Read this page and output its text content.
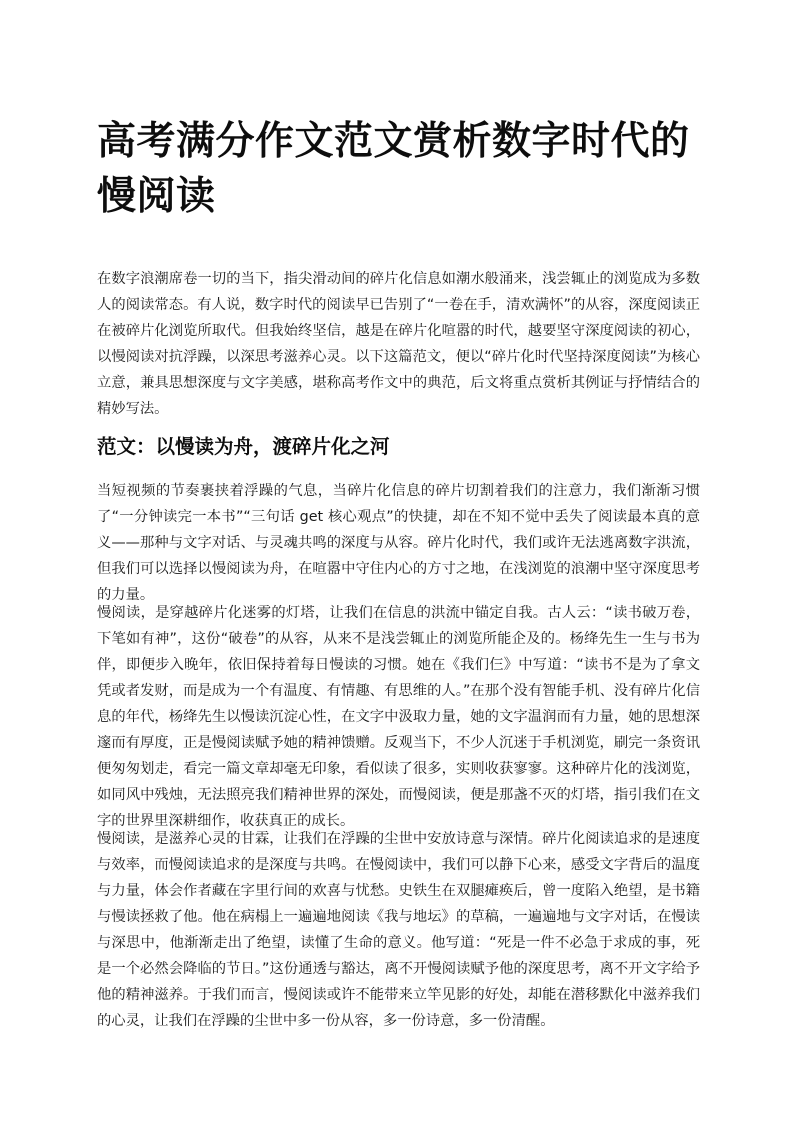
高考满分作文范文赏析数字时代的慢阅读

在数字浪潮席卷一切的当下，指尖滑动间的碎片化信息如潮水般涌来，浅尝辄止的浏览成为多数人的阅读常态。有人说，数字时代的阅读早已告别了“一卷在手，清欢满怀”的从容，深度阅读正在被碎片化浏览所取代。但我始终坚信，越是在碎片化喧嚣的时代，越要坚守深度阅读的初心，以慢阅读对抗浮躁，以深思考滋养心灵。以下这篇范文，便以“碎片化时代坚持深度阅读”为核心立意，兼具思想深度与文字美感，堪称高考作文中的典范，后文将重点赏析其例证与抒情结合的精妙写法。

范文：以慢读为舟，渡碎片化之河

当短视频的节奏裹挟着浮躁的气息，当碎片化信息的碎片切割着我们的注意力，我们渐渐习惯了“一分钟读完一本书”“三句话 get 核心观点”的快捷，却在不知不觉中丢失了阅读最本真的意义——那种与文字对话、与灵魂共鸣的深度与从容。碎片化时代，我们或许无法逃离数字洪流，但我们可以选择以慢阅读为舟，在喧嚣中守住内心的方寸之地，在浅浏览的浪潮中坚守深度思考的力量。

慢阅读，是穿越碎片化迷雾的灯塔，让我们在信息的洪流中锚定自我。古人云：“读书破万卷，下笔如有神”，这份“破卷”的从容，从来不是浅尝辄止的浏览所能企及的。杨绛先生一生与书为伴，即便步入晚年，依旧保持着每日慢读的习惯。她在《我们仨》中写道：“读书不是为了拿文凭或者发财，而是成为一个有温度、有情趣、有思维的人。”在那个没有智能手机、没有碎片化信息的年代，杨绛先生以慢读沉淀心性，在文字中汲取力量，她的文字温润而有力量，她的思想深邃而有厚度，正是慢阅读赋予她的精神馈赠。反观当下，不少人沉迷于手机浏览，刷完一条资讯便匆匆划走，看完一篇文章却毫无印象，看似读了很多，实则收获寥寥。这种碎片化的浅浏览，如同风中残烛，无法照亮我们精神世界的深处，而慢阅读，便是那盏不灭的灯塔，指引我们在文字的世界里深耕细作，收获真正的成长。

慢阅读，是滋养心灵的甘霖，让我们在浮躁的尘世中安放诗意与深情。碎片化阅读追求的是速度与效率，而慢阅读追求的是深度与共鸣。在慢阅读中，我们可以静下心来，感受文字背后的温度与力量，体会作者藏在字里行间的欢喜与忧愁。史铁生在双腿瘫痪后，曾一度陷入绝望，是书籍与慢读拯救了他。他在病榻上一遍遍地阅读《我与地坛》的草稿，一遍遍地与文字对话，在慢读与深思中，他渐渐走出了绝望，读懂了生命的意义。他写道：“死是一件不必急于求成的事，死是一个必然会降临的节日。”这份通透与豁达，离不开慢阅读赋予他的深度思考，离不开文字给予他的精神滋养。于我们而言，慢阅读或许不能带来立竿见影的好处，却能在潜移默化中滋养我们的心灵，让我们在浮躁的尘世中多一份从容，多一份诗意，多一份清醒。
